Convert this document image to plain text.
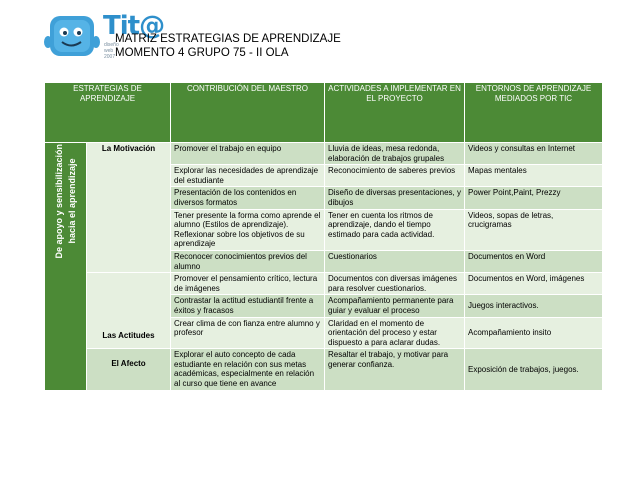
Tit@
diseño
web
2007
MATRIZ ESTRATEGIAS DE APRENDIZAJE
MOMENTO 4 GRUPO 75 - II OLA
ESTRATEGIAS DE APRENDIZAJE		CONTRIBUCIÓN DEL MAESTRO	ACTIVIDADES A IMPLEMENTAR EN EL PROYECTO	ENTORNOS DE APRENDIZAJE MEDIADOS POR TIC
De apoyo y sensibilización hacia el aprendizaje	La Motivación	Promover el trabajo en equipo	Lluvia de ideas, mesa redonda, elaboración de trabajos grupales	Videos y consultas en Internet
		Explorar las necesidades de aprendizaje del estudiante	Reconocimiento de saberes previos	Mapas mentales
		Presentación de los contenidos en diversos formatos	Diseño de diversas presentaciones, y dibujos	Power Point,Paint, Prezzy
		Tener presente la forma como aprende el alumno (Estilos de aprendizaje). Reflexionar sobre los objetivos de su aprendizaje	Tener en cuenta los ritmos de aprendizaje, dando el tiempo estimado para cada actividad.	Videos, sopas de letras, crucigramas
		Reconocer conocimientos previos del alumno	Cuestionarios	Documentos en Word
	Las Actitudes	Promover el pensamiento crítico, lectura de imágenes	Documentos con diversas imágenes para resolver cuestionarios.	Documentos en Word, imágenes
		Contrastar la actitud estudiantil frente a éxitos y fracasos	Acompañamiento permanente para guiar y evaluar el proceso	Juegos interactivos.
		Crear clima de con fianza entre alumno y profesor	Claridad en el momento de orientación del proceso y estar dispuesto a para aclarar dudas.	Acompañamiento insito
	El Afecto	Explorar el auto concepto de cada estudiante en relación con sus metas académicas, especialmente en relación al curso que tiene en avance	Resaltar el trabajo, y motivar para generar confianza.	Exposición de trabajos, juegos.
